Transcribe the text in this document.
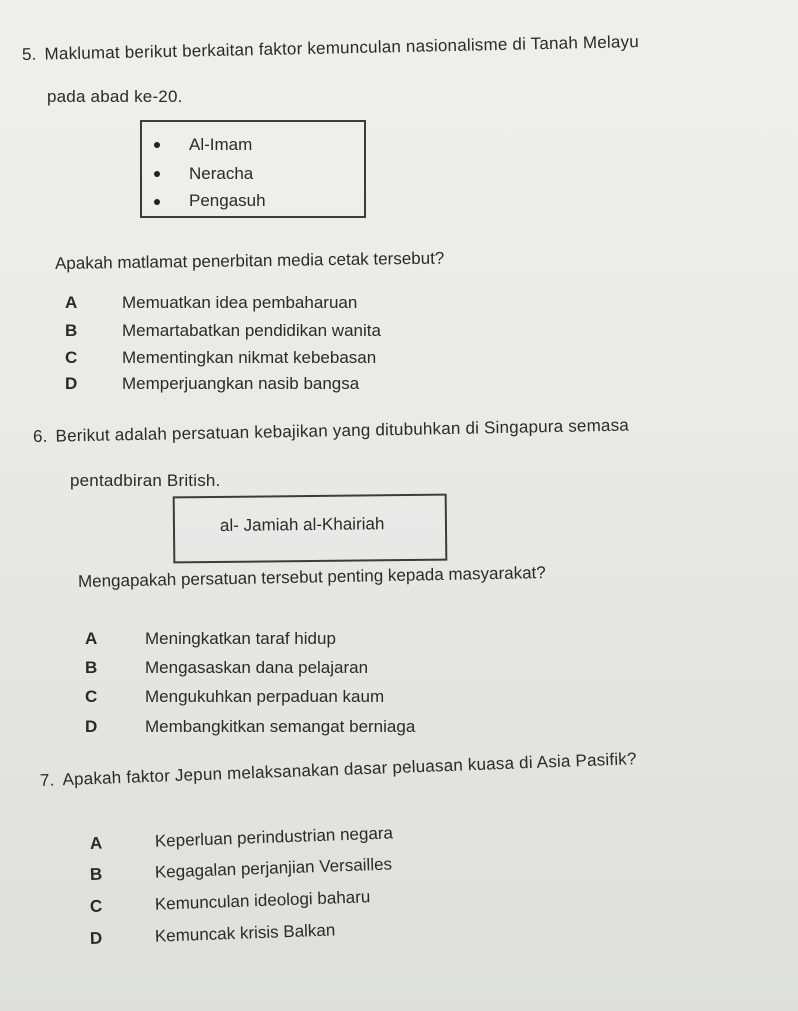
5. Maklumat berikut berkaitan faktor kemunculan nasionalisme di Tanah Melayu
pada abad ke-20.
Al-Imam
Neracha
Pengasuh
Apakah matlamat penerbitan media cetak tersebut?
A	Memuatkan idea pembaharuan
B	Memartabatkan pendidikan wanita
C	Mementingkan nikmat kebebasan
D	Memperjuangkan nasib bangsa
6. Berikut adalah persatuan kebajikan yang ditubuhkan di Singapura semasa
pentadbiran British.
al- Jamiah al-Khairiah
Mengapakah persatuan tersebut penting kepada masyarakat?
A	Meningkatkan taraf hidup
B	Mengasaskan dana pelajaran
C	Mengukuhkan perpaduan kaum
D	Membangkitkan semangat berniaga
7. Apakah faktor Jepun melaksanakan dasar peluasan kuasa di Asia Pasifik?
A	Keperluan perindustrian negara
B	Kegagalan perjanjian Versailles
C	Kemunculan ideologi baharu
D	Kemuncak krisis Balkan
